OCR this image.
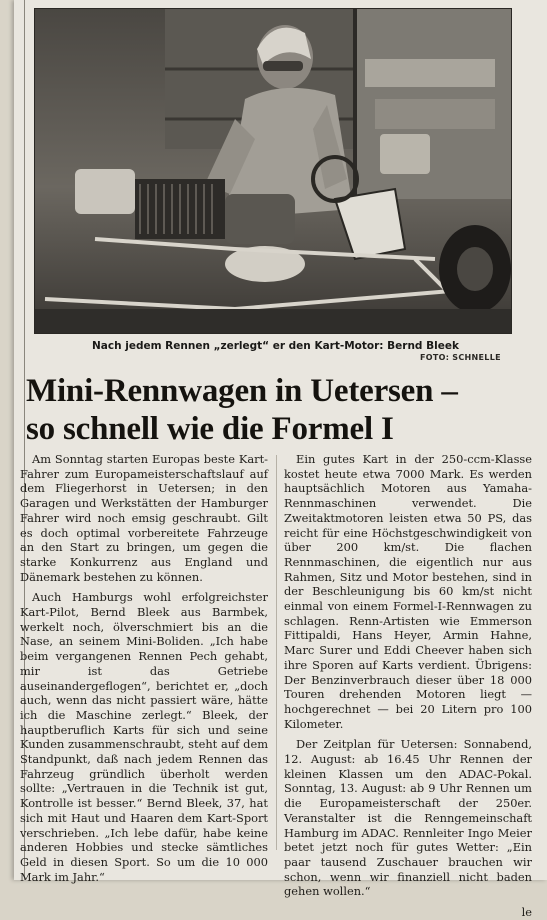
Nach jedem Rennen „zerlegt“ er den Kart-Motor: Bernd Bleek
FOTO: SCHNELLE
Mini-Rennwagen in Uetersen –
so schnell wie die Formel I

Am Sonntag starten Europas beste Kart-Fahrer zum Europameisterschaftslauf auf dem Fliegerhorst in Uetersen; in den Garagen und Werkstätten der Hamburger Fahrer wird noch emsig geschraubt. Gilt es doch optimal vorbereitete Fahrzeuge an den Start zu bringen, um gegen die starke Konkurrenz aus England und Dänemark bestehen zu können.

Auch Hamburgs wohl erfolgreichster Kart-Pilot, Bernd Bleek aus Barmbek, werkelt noch, ölverschmiert bis an die Nase, an seinem Mini-Boliden. „Ich habe beim vergangenen Rennen Pech gehabt, mir ist das Getriebe auseinandergeflogen“, berichtet er, „doch auch, wenn das nicht passiert wäre, hätte ich die Maschine zerlegt.“ Bleek, der hauptberuflich Karts für sich und seine Kunden zusammenschraubt, steht auf dem Standpunkt, daß nach jedem Rennen das Fahrzeug gründlich überholt werden sollte: „Vertrauen in die Technik ist gut, Kontrolle ist besser.“ Bernd Bleek, 37, hat sich mit Haut und Haaren dem Kart-Sport verschrieben. „Ich lebe dafür, habe keine anderen Hobbies und stecke sämtliches Geld in diesen Sport. So um die 10 000 Mark im Jahr.“

Ein gutes Kart in der 250-ccm-Klasse kostet heute etwa 7000 Mark. Es werden hauptsächlich Motoren aus Yamaha-Rennmaschinen verwendet. Die Zweitaktmotoren leisten etwa 50 PS, das reicht für eine Höchstgeschwindigkeit von über 200 km/st. Die flachen Rennmaschinen, die eigentlich nur aus Rahmen, Sitz und Motor bestehen, sind in der Beschleunigung bis 60 km/st nicht einmal von einem Formel-I-Rennwagen zu schlagen. Renn-Artisten wie Emmerson Fittipaldi, Hans Heyer, Armin Hahne, Marc Surer und Eddi Cheever haben sich ihre Sporen auf Karts verdient. Übrigens: Der Benzinverbrauch dieser über 18 000 Touren drehenden Motoren liegt — hochgerechnet — bei 20 Litern pro 100 Kilometer.

Der Zeitplan für Uetersen: Sonnabend, 12. August: ab 16.45 Uhr Rennen der kleinen Klassen um den ADAC-Pokal. Sonntag, 13. August: ab 9 Uhr Rennen um die Europameisterschaft der 250er. Veranstalter ist die Renngemeinschaft Hamburg im ADAC. Rennleiter Ingo Meier betet jetzt noch für gutes Wetter: „Ein paar tausend Zuschauer brauchen wir schon, wenn wir finanziell nicht baden gehen wollen.“

le
